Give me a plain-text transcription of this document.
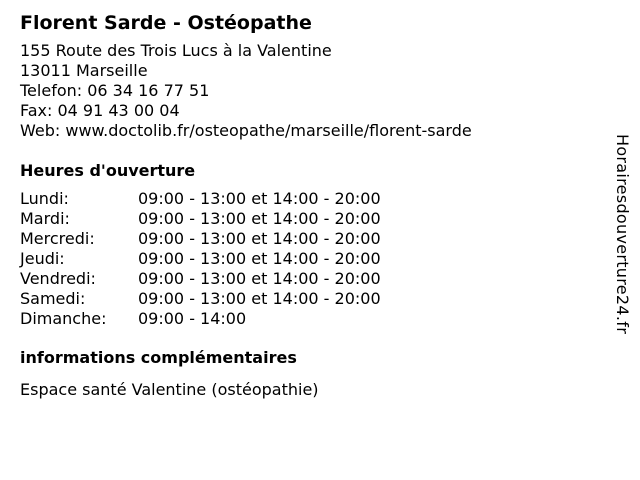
Florent Sarde - Ostéopathe
155 Route des Trois Lucs à la Valentine
13011 Marseille
Telefon: 06 34 16 77 51
Fax: 04 91 43 00 04
Web: www.doctolib.fr/osteopathe/marseille/florent-sarde
Heures d'ouverture
Lundi:	09:00 - 13:00 et 14:00 - 20:00
Mardi:	09:00 - 13:00 et 14:00 - 20:00
Mercredi:	09:00 - 13:00 et 14:00 - 20:00
Jeudi:	09:00 - 13:00 et 14:00 - 20:00
Vendredi:	09:00 - 13:00 et 14:00 - 20:00
Samedi:	09:00 - 13:00 et 14:00 - 20:00
Dimanche:	09:00 - 14:00
informations complémentaires
Espace santé Valentine (ostéopathie)
Horairesdouverture24.fr
